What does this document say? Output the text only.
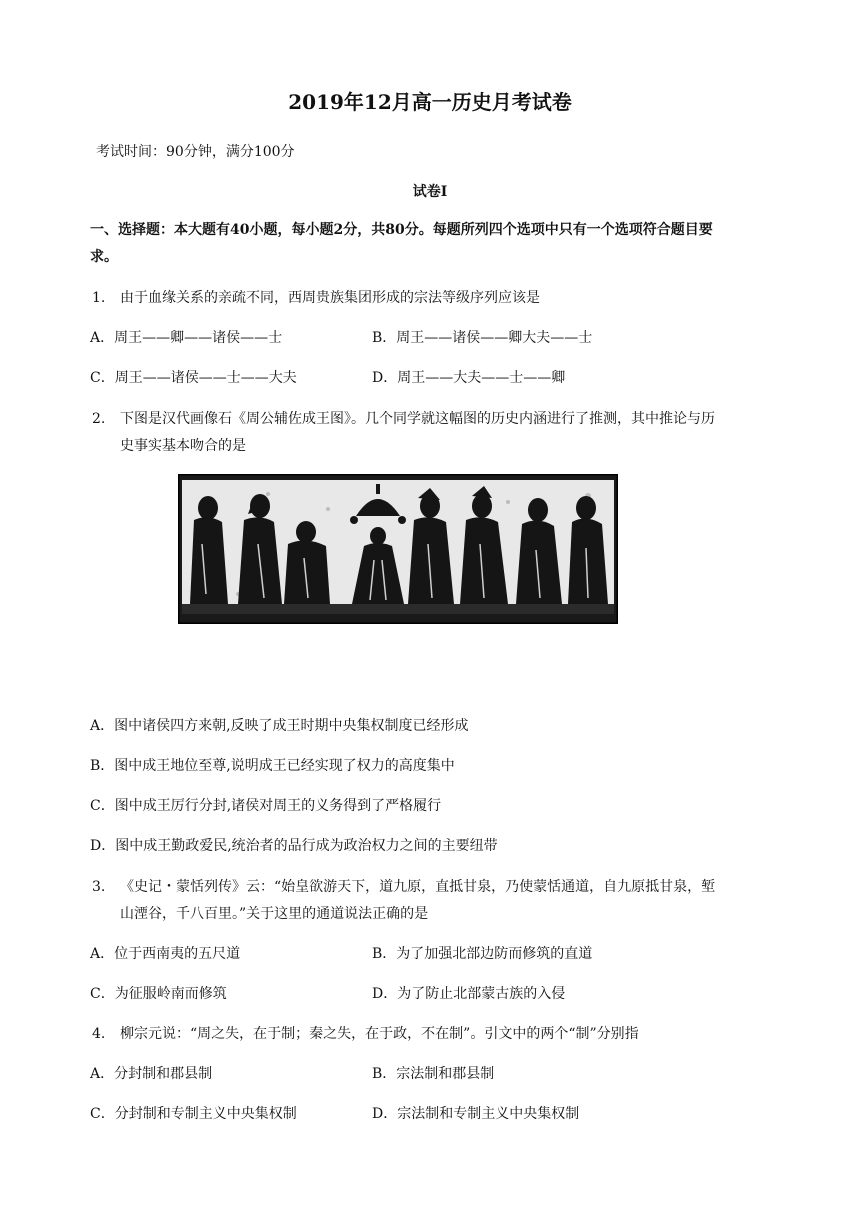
2019年12月高一历史月考试卷
考试时间：90分钟，满分100分
试卷Ⅰ
一、选择题：本大题有40小题，每小题2分，共80分。每题所列四个选项中只有一个选项符合题目要
求。
1. 由于血缘关系的亲疏不同，西周贵族集团形成的宗法等级序列应该是
A．周王——卿——诸侯——士	B．周王——诸侯——卿大夫——士
C．周王——诸侯——士——大夫	D．周王——大夫——士——卿
2. 下图是汉代画像石《周公辅佐成王图》。几个同学就这幅图的历史内涵进行了推测，其中推论与历
史事实基本吻合的是
A．图中诸侯四方来朝,反映了成王时期中央集权制度已经形成
B．图中成王地位至尊,说明成王已经实现了权力的高度集中
C．图中成王厉行分封,诸侯对周王的义务得到了严格履行
D．图中成王勤政爱民,统治者的品行成为政治权力之间的主要纽带
3. 《史记・蒙恬列传》云：“始皇欲游天下，道九原，直抵甘泉，乃使蒙恬通道，自九原抵甘泉，堑
山湮谷，千八百里。”关于这里的通道说法正确的是
A．位于西南夷的五尺道	B．为了加强北部边防而修筑的直道
C．为征服岭南而修筑	D．为了防止北部蒙古族的入侵
4. 柳宗元说：“周之失，在于制；秦之失，在于政，不在制”。引文中的两个“制”分别指
A．分封制和郡县制	B．宗法制和郡县制
C．分封制和专制主义中央集权制	D．宗法制和专制主义中央集权制
